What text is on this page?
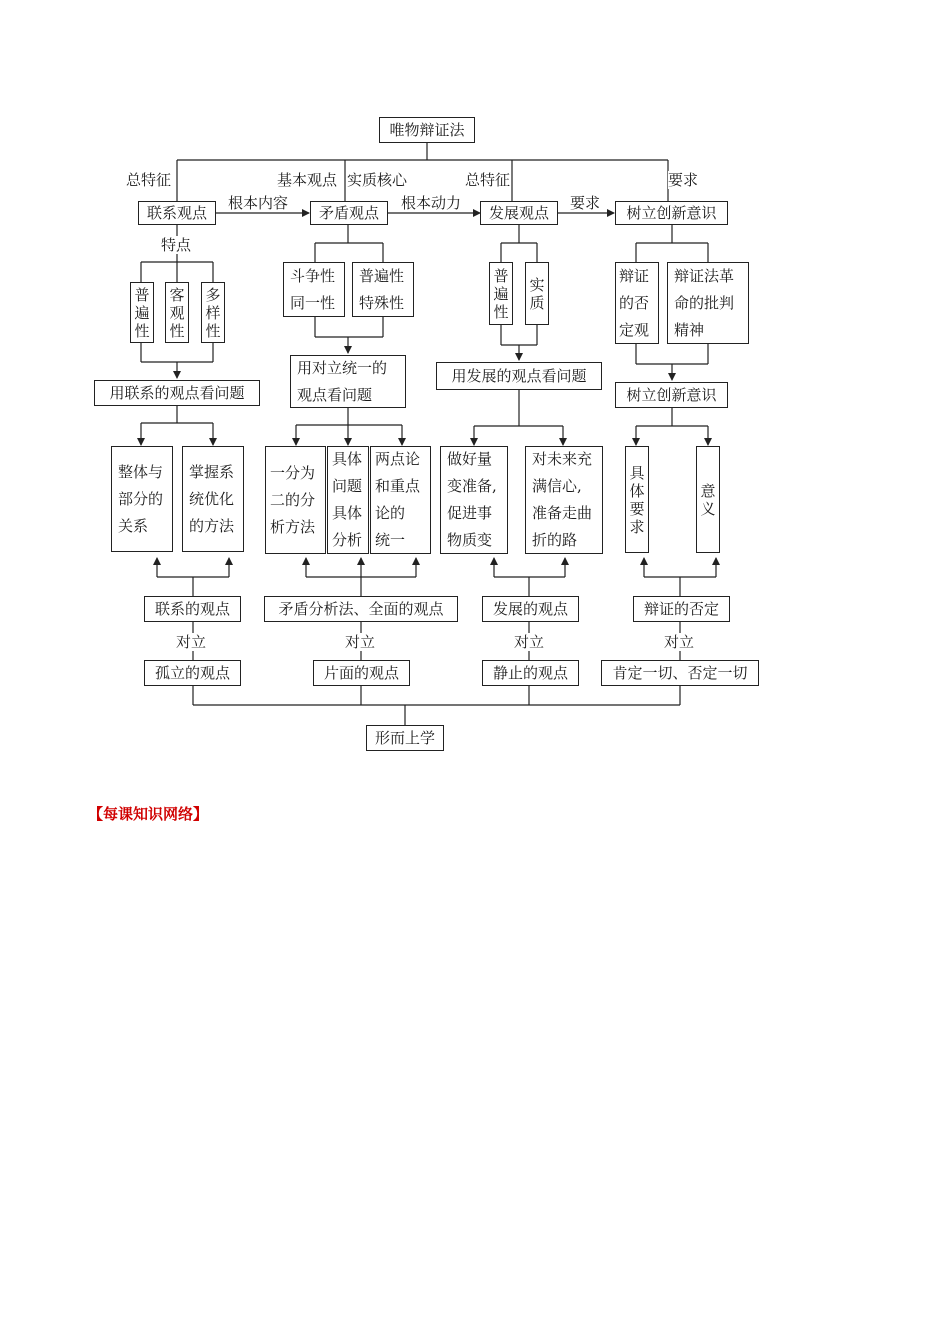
唯物辩证法
总特征	基本观点 实质核心	总特征	要求
根本内容	根本动力	要求
联系观点	矛盾观点	发展观点	树立创新意识
特点
普
遍
性
客
观
性
多
样
性
用联系的观点看问题
整体与
部分的
关系
掌握系
统优化
的方法
联系的观点
对立
孤立的观点
斗争性
同一性
普遍性
特殊性
用对立统一的
观点看问题
一分为
二的分
析方法
具体
问题
具体
分析
两点论
和重点
论的
统一
矛盾分析法、全面的观点
对立
片面的观点
普
遍
性
实
质
用发展的观点看问题
做好量
变准备,
促进事
物质变
对未来充
满信心,
准备走曲
折的路
发展的观点
对立
静止的观点
辩证
的否
定观
辩证法革
命的批判
精神
树立创新意识
具
体
要
求
意
义
辩证的否定
对立
肯定一切、否定一切
形而上学
【每课知识网络】
